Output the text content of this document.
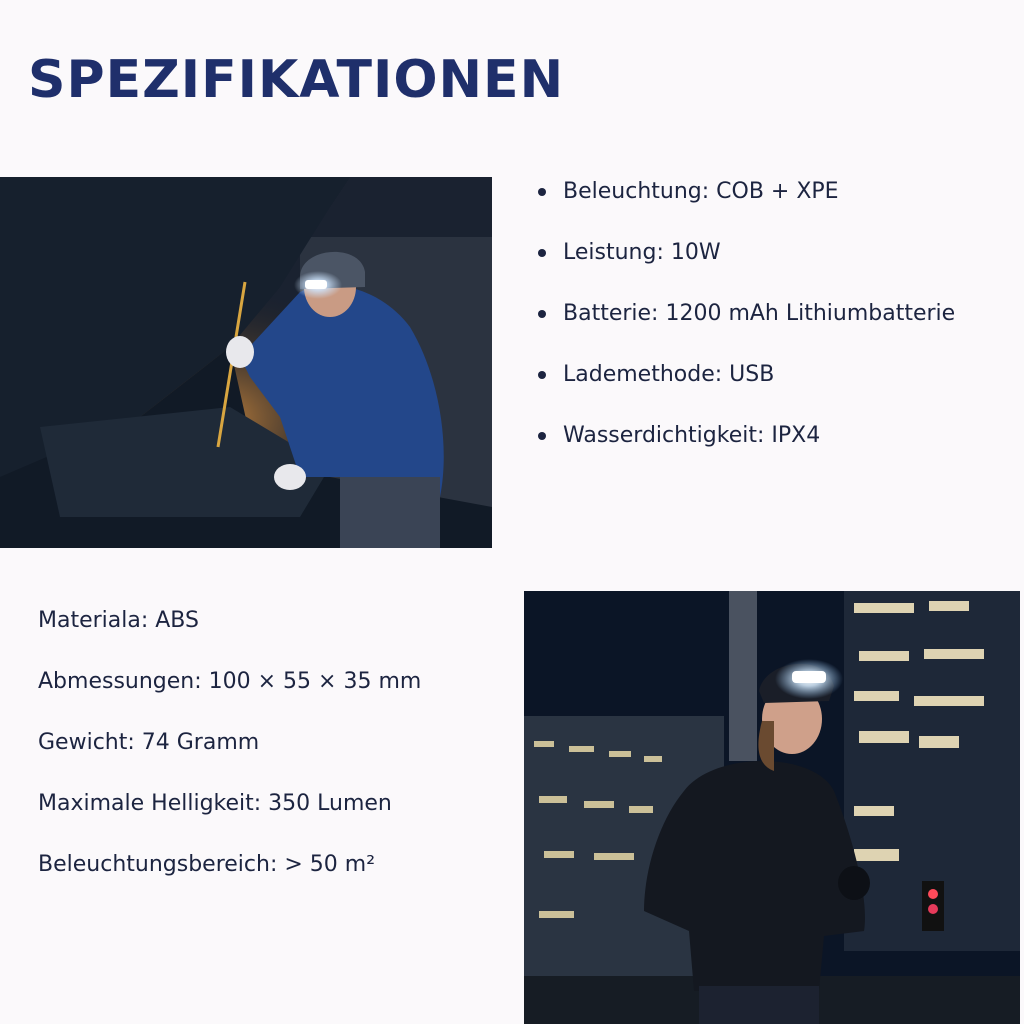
SPEZIFIKATIONEN
Beleuchtung: COB + XPE
Leistung: 10W
Batterie: 1200 mAh Lithiumbatterie
Lademethode: USB
Wasserdichtigkeit: IPX4
Materiala: ABS
Abmessungen: 100 × 55 × 35 mm
Gewicht: 74 Gramm
Maximale Helligkeit: 350 Lumen
Beleuchtungsbereich: > 50 m²
